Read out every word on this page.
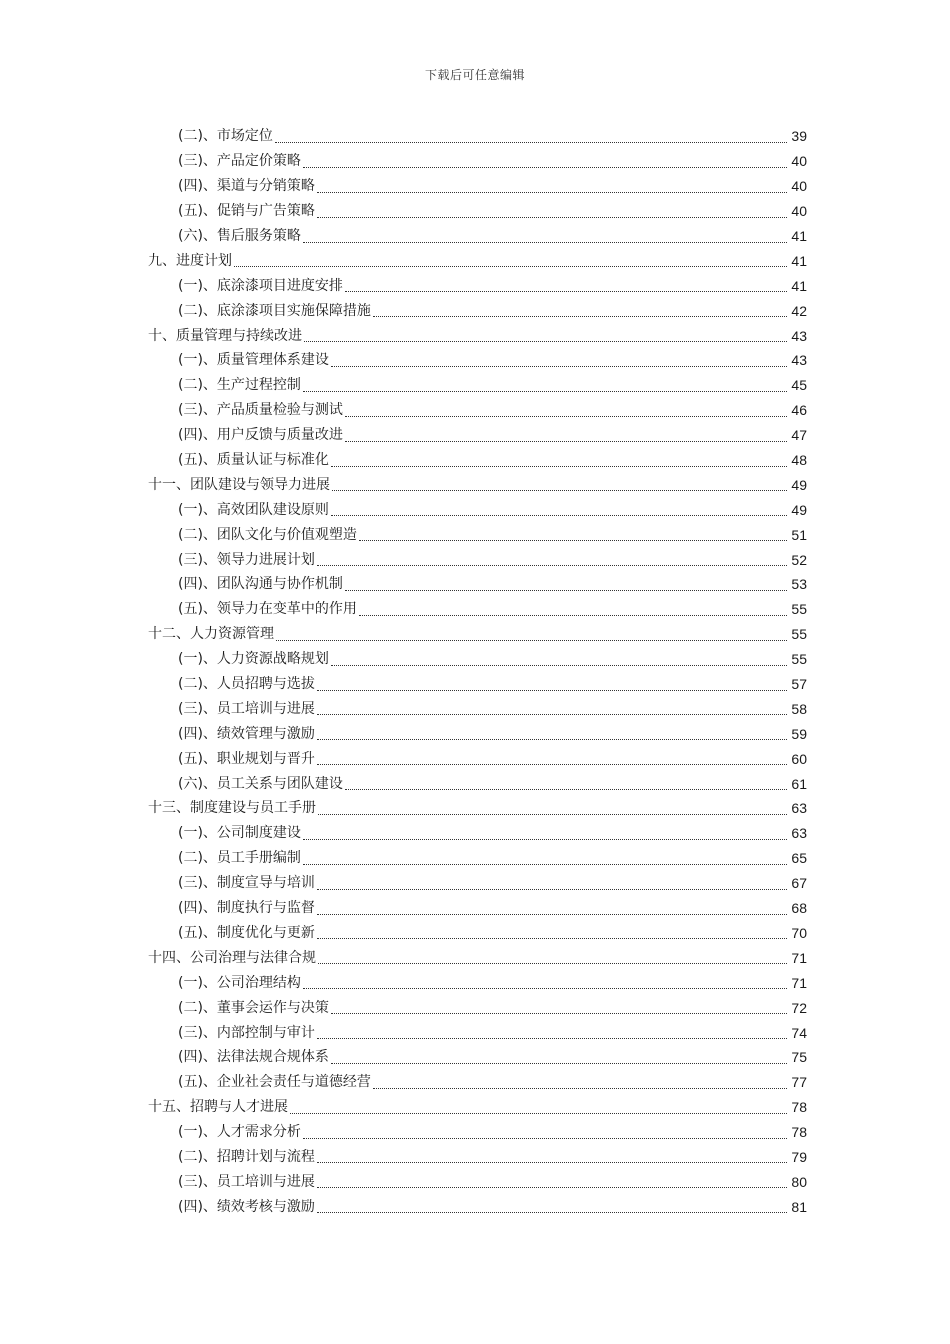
下载后可任意编辑
(二)、市场定位	39
(三)、产品定价策略	40
(四)、渠道与分销策略	40
(五)、促销与广告策略	40
(六)、售后服务策略	41
九、进度计划	41
(一)、底涂漆项目进度安排	41
(二)、底涂漆项目实施保障措施	42
十、质量管理与持续改进	43
(一)、质量管理体系建设	43
(二)、生产过程控制	45
(三)、产品质量检验与测试	46
(四)、用户反馈与质量改进	47
(五)、质量认证与标准化	48
十一、团队建设与领导力进展	49
(一)、高效团队建设原则	49
(二)、团队文化与价值观塑造	51
(三)、领导力进展计划	52
(四)、团队沟通与协作机制	53
(五)、领导力在变革中的作用	55
十二、人力资源管理	55
(一)、人力资源战略规划	55
(二)、人员招聘与选拔	57
(三)、员工培训与进展	58
(四)、绩效管理与激励	59
(五)、职业规划与晋升	60
(六)、员工关系与团队建设	61
十三、制度建设与员工手册	63
(一)、公司制度建设	63
(二)、员工手册编制	65
(三)、制度宣导与培训	67
(四)、制度执行与监督	68
(五)、制度优化与更新	70
十四、公司治理与法律合规	71
(一)、公司治理结构	71
(二)、董事会运作与决策	72
(三)、内部控制与审计	74
(四)、法律法规合规体系	75
(五)、企业社会责任与道德经营	77
十五、招聘与人才进展	78
(一)、人才需求分析	78
(二)、招聘计划与流程	79
(三)、员工培训与进展	80
(四)、绩效考核与激励	81
